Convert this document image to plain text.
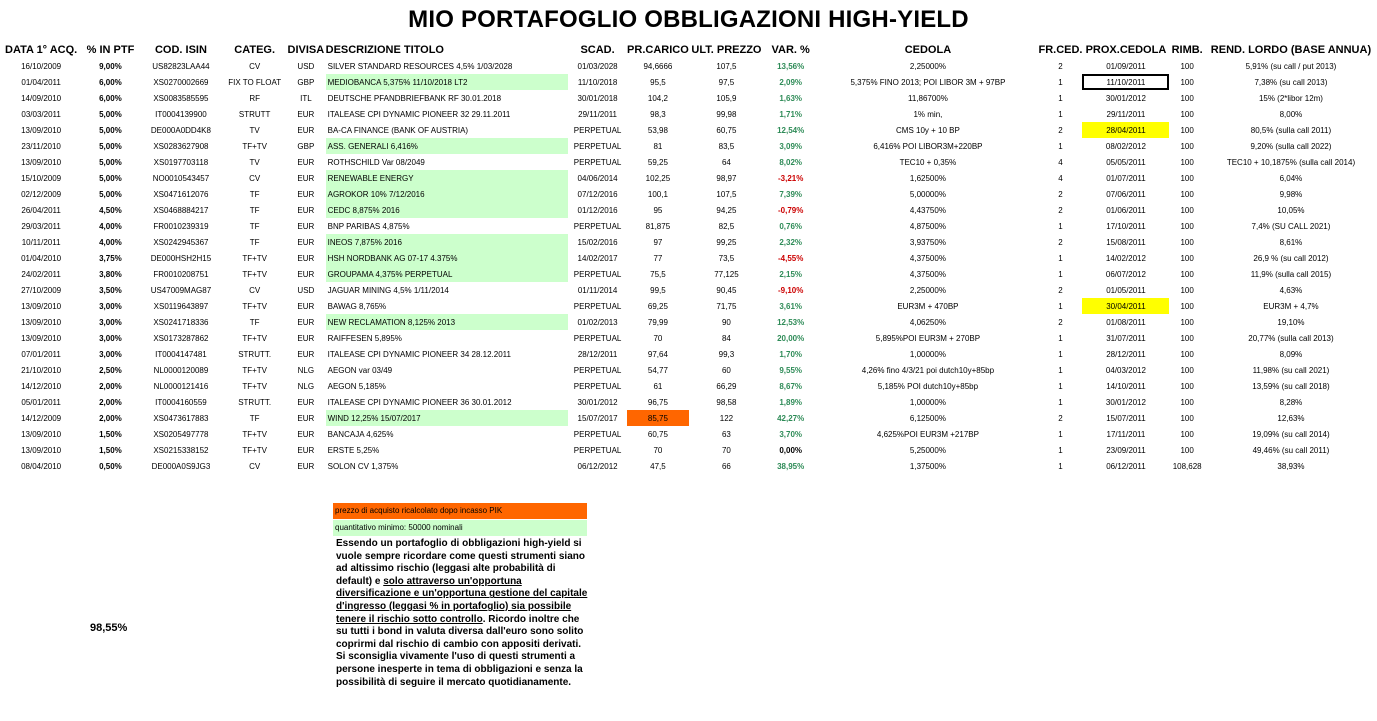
MIO PORTAFOGLIO OBBLIGAZIONI HIGH-YIELD
DATA 1° ACQ.	% IN PTF	COD. ISIN	CATEG.	DIVISA	DESCRIZIONE TITOLO	SCAD.	PR.CARICO	ULT. PREZZO	VAR. %	CEDOLA	FR.CED.	PROX.CEDOLA	RIMB.	REND. LORDO (BASE ANNUA)
16/10/2009	9,00%	US82823LAA44	CV	USD	SILVER STANDARD RESOURCES 4,5% 1/03/2028	01/03/2028	94,6666	107,5	13,56%	2,25000%	2	01/09/2011	100	5,91% (su call / put 2013)
01/04/2011	6,00%	XS0270002669	FIX TO FLOAT	GBP	MEDIOBANCA 5,375% 11/10/2018 LT2	11/10/2018	95,5	97,5	2,09%	5,375% FINO 2013; POI LIBOR 3M + 97BP	1	11/10/2011	100	7,38% (su call 2013)
14/09/2010	6,00%	XS0083585595	RF	ITL	DEUTSCHE PFANDBRIEFBANK RF 30.01.2018	30/01/2018	104,2	105,9	1,63%	11,86700%	1	30/01/2012	100	15% (2*libor 12m)
03/03/2011	5,00%	IT0004139900	STRUTT	EUR	ITALEASE CPI DYNAMIC PIONEER 32 29.11.2011	29/11/2011	98,3	99,98	1,71%	1% min,	1	29/11/2011	100	8,00%
13/09/2010	5,00%	DE000A0DD4K8	TV	EUR	BA-CA FINANCE (BANK OF AUSTRIA)	PERPETUAL	53,98	60,75	12,54%	CMS 10y + 10 BP	2	28/04/2011	100	80,5% (sulla call 2011)
23/11/2010	5,00%	XS0283627908	TF+TV	GBP	ASS. GENERALI 6,416%	PERPETUAL	81	83,5	3,09%	6,416% POI LIBOR3M+220BP	1	08/02/2012	100	9,20% (sulla call 2022)
13/09/2010	5,00%	XS0197703118	TV	EUR	ROTHSCHILD Var 08/2049	PERPETUAL	59,25	64	8,02%	TEC10 + 0,35%	4	05/05/2011	100	TEC10 + 10,1875% (sulla call 2014)
15/10/2009	5,00%	NO0010543457	CV	EUR	RENEWABLE ENERGY	04/06/2014	102,25	98,97	-3,21%	1,62500%	4	01/07/2011	100	6,04%
02/12/2009	5,00%	XS0471612076	TF	EUR	AGROKOR 10% 7/12/2016	07/12/2016	100,1	107,5	7,39%	5,00000%	2	07/06/2011	100	9,98%
26/04/2011	4,50%	XS0468884217	TF	EUR	CEDC 8,875% 2016	01/12/2016	95	94,25	-0,79%	4,43750%	2	01/06/2011	100	10,05%
29/03/2011	4,00%	FR0010239319	TF	EUR	BNP PARIBAS 4,875%	PERPETUAL	81,875	82,5	0,76%	4,87500%	1	17/10/2011	100	7,4% (SU CALL 2021)
10/11/2011	4,00%	XS0242945367	TF	EUR	INEOS 7,875% 2016	15/02/2016	97	99,25	2,32%	3,93750%	2	15/08/2011	100	8,61%
01/04/2010	3,75%	DE000HSH2H15	TF+TV	EUR	HSH NORDBANK AG 07-17 4.375%	14/02/2017	77	73,5	-4,55%	4,37500%	1	14/02/2012	100	26,9 % (su call 2012)
24/02/2011	3,80%	FR0010208751	TF+TV	EUR	GROUPAMA 4,375% PERPETUAL	PERPETUAL	75,5	77,125	2,15%	4,37500%	1	06/07/2012	100	11,9% (sulla call 2015)
27/10/2009	3,50%	US47009MAG87	CV	USD	JAGUAR MINING 4,5% 1/11/2014	01/11/2014	99,5	90,45	-9,10%	2,25000%	2	01/05/2011	100	4,63%
13/09/2010	3,00%	XS0119643897	TF+TV	EUR	BAWAG 8,765%	PERPETUAL	69,25	71,75	3,61%	EUR3M + 470BP	1	30/04/2011	100	EUR3M + 4,7%
13/09/2010	3,00%	XS0241718336	TF	EUR	NEW RECLAMATION 8,125% 2013	01/02/2013	79,99	90	12,53%	4,06250%	2	01/08/2011	100	19,10%
13/09/2010	3,00%	XS0173287862	TF+TV	EUR	RAIFFESEN 5,895%	PERPETUAL	70	84	20,00%	5,895%POI EUR3M + 270BP	1	31/07/2011	100	20,77% (sulla call 2013)
07/01/2011	3,00%	IT0004147481	STRUTT.	EUR	ITALEASE CPI DYNAMIC PIONEER 34 28.12.2011	28/12/2011	97,64	99,3	1,70%	1,00000%	1	28/12/2011	100	8,09%
21/10/2010	2,50%	NL0000120089	TF+TV	NLG	AEGON var 03/49	PERPETUAL	54,77	60	9,55%	4,26% fino 4/3/21 poi dutch10y+85bp	1	04/03/2012	100	11,98% (su call 2021)
14/12/2010	2,00%	NL0000121416	TF+TV	NLG	AEGON 5,185%	PERPETUAL	61	66,29	8,67%	5,185% POI dutch10y+85bp	1	14/10/2011	100	13,59% (su call 2018)
05/01/2011	2,00%	IT0004160559	STRUTT.	EUR	ITALEASE CPI DYNAMIC PIONEER 36 30.01.2012	30/01/2012	96,75	98,58	1,89%	1,00000%	1	30/01/2012	100	8,28%
14/12/2009	2,00%	XS0473617883	TF	EUR	WIND 12,25% 15/07/2017	15/07/2017	85,75	122	42,27%	6,12500%	2	15/07/2011	100	12,63%
13/09/2010	1,50%	XS0205497778	TF+TV	EUR	BANCAJA 4,625%	PERPETUAL	60,75	63	3,70%	4,625%POI EUR3M +217BP	1	17/11/2011	100	19,09% (su call 2014)
13/09/2010	1,50%	XS0215338152	TF+TV	EUR	ERSTE 5,25%	PERPETUAL	70	70	0,00%	5,25000%	1	23/09/2011	100	49,46% (su call 2011)
08/04/2010	0,50%	DE000A0S9JG3	CV	EUR	SOLON CV 1,375%	06/12/2012	47,5	66	38,95%	1,37500%	1	06/12/2011	108,628	38,93%
prezzo di acquisto ricalcolato dopo incasso PIK
quantitativo minimo: 50000 nominali
Essendo un portafoglio di obbligazioni high-yield si vuole sempre ricordare come questi strumenti siano ad altissimo rischio (leggasi alte probabilità di default) e solo attraverso un'opportuna diversificazione e un'opportuna gestione del capitale d'ingresso (leggasi % in portafoglio) sia possibile tenere il rischio sotto controllo. Ricordo inoltre che su tutti i bond in valuta diversa dall'euro sono solito coprirmi dal rischio di cambio con appositi derivati. Si sconsiglia vivamente l'uso di questi strumenti a persone inesperte in tema di obbligazioni e senza la possibilità di seguire il mercato quotidianamente.
98,55%
